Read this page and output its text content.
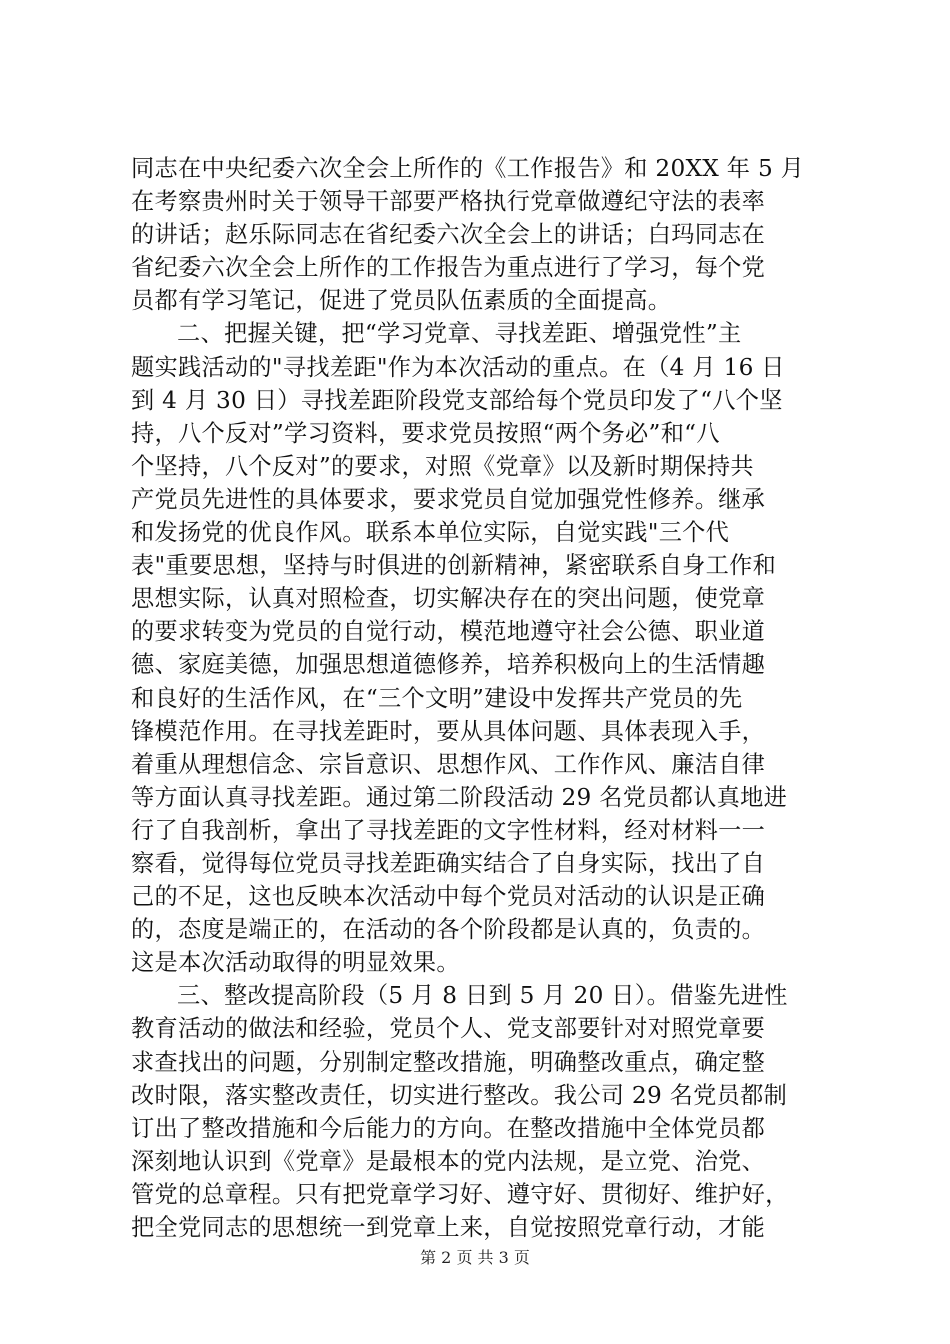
同志在中央纪委六次全会上所作的《工作报告》和 20XX 年 5 月
在考察贵州时关于领导干部要严格执行党章做遵纪守法的表率
的讲话；赵乐际同志在省纪委六次全会上的讲话；白玛同志在
省纪委六次全会上所作的工作报告为重点进行了学习，每个党
员都有学习笔记，促进了党员队伍素质的全面提高。
二、把握关键，把“学习党章、寻找差距、增强党性”主
题实践活动的"寻找差距"作为本次活动的重点。在（4 月 16 日
到 4 月 30 日）寻找差距阶段党支部给每个党员印发了“八个坚
持，八个反对”学习资料，要求党员按照“两个务必”和“八
个坚持，八个反对”的要求，对照《党章》以及新时期保持共
产党员先进性的具体要求，要求党员自觉加强党性修养。继承
和发扬党的优良作风。联系本单位实际，自觉实践"三个代
表"重要思想，坚持与时俱进的创新精神，紧密联系自身工作和
思想实际，认真对照检查，切实解决存在的突出问题，使党章
的要求转变为党员的自觉行动，模范地遵守社会公德、职业道
德、家庭美德，加强思想道德修养，培养积极向上的生活情趣
和良好的生活作风，在“三个文明”建设中发挥共产党员的先
锋模范作用。在寻找差距时，要从具体问题、具体表现入手，
着重从理想信念、宗旨意识、思想作风、工作作风、廉洁自律
等方面认真寻找差距。通过第二阶段活动 29 名党员都认真地进
行了自我剖析，拿出了寻找差距的文字性材料，经对材料一一
察看，觉得每位党员寻找差距确实结合了自身实际，找出了自
己的不足，这也反映本次活动中每个党员对活动的认识是正确
的，态度是端正的，在活动的各个阶段都是认真的，负责的。
这是本次活动取得的明显效果。
三、整改提高阶段（5 月 8 日到 5 月 20 日）。借鉴先进性
教育活动的做法和经验，党员个人、党支部要针对对照党章要
求查找出的问题，分别制定整改措施，明确整改重点，确定整
改时限，落实整改责任，切实进行整改。我公司 29 名党员都制
订出了整改措施和今后能力的方向。在整改措施中全体党员都
深刻地认识到《党章》是最根本的党内法规，是立党、治党、
管党的总章程。只有把党章学习好、遵守好、贯彻好、维护好，
把全党同志的思想统一到党章上来，自觉按照党章行动，才能
第 2 页 共 3 页
